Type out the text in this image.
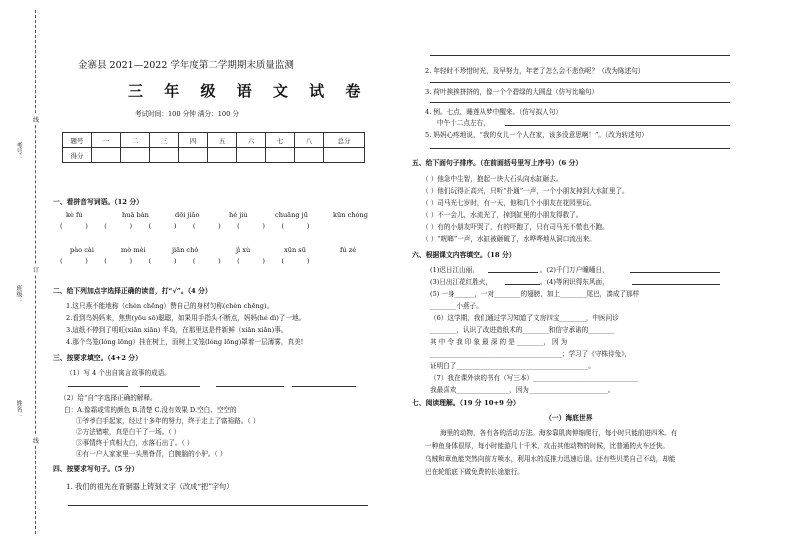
考号：
班级：
姓名：
线
订
线
金寨县 2021—2022 学年度第二学期期末质量监测
三 年 级 语 文 试 卷
考试时间：100 分钟 满分：100 分
题号	一	二	三	四	五	六	七	八	总分
得分									
一、看拼音写词语。（12 分）
kè fú	huā bàn	dōi jiǎo	hé jiù	chuāng jū	kūn chóng
(       )     (       )     (       )     (       )     (       )     (       )
pào cài	mò mèi	jiān chǒ	jì xù	xūn sū	fú zé
(       )     (       )     (       )     (       )     (       )     (       )
二、给下列加点字选择正确的读音，打“√”。（4 分）
1.这只燕不能地称（chèn chēng）赞自己的身材匀称(chèn chēng)。
2.看到鸟妈妈来，焦焦(yōu sō)聪聪，如果用手指头不断点，妈妈(hé dì)了一地。
3.這纸不停到了明旺(xiān xiān) 半岛，在那里这是件新鲜（xiān xiān)事。
4.那个鸟笼(lóng lōng）挂在树上，而树上又笼(lóng lōng)罩着一层薄雾，真美!
三、按要求填空。（4+2 分）
（1）写 4 个出自寓言故事的成语。
（2）给“自”字选择正确的解释。
白：A.像霜或雪的颜色 B.清楚 C.没有效果 D.空白、空空的
①爷爷白手起家，经过十多年的努力，终于走上了富裕路。（ ）
②方法错啦，真是白干了一场。（ ）
③事情终于真相大白，水落石出了。（ ）
④有一户人家家里一头黑脊背，白腕脑的小驴。（ ）
四、按要求写句子。（5 分）
1. 我们的祖先在青铜器上铸刻文字（改成“把”字句）
2. 年轻时不珍惜时光，及早努力，年老了怎么会不悲伤呢？（改为陈述句）
3. 荷叶挨挨挤挤的，像一个个碧绿的大圆盘（仿写比喻句）
4. 例。七点，睡莲从梦中醒来。（仿写拟人句）
中午十二点左右，
5. 妈妈心疼地说，“我的女儿一个人在家，该多没意思啊！”。（改为转述句）
五、给下面句子排序。（在前面括号里写上序号）（6 分）
（ ）他急中生智，抱起一块大石头向水缸砸去。
（ ）他们玩得正高兴，只听“扑通”一声，一个小朋友掉到大水缸里了。
（ ）司马光七岁时，有一天，他和几个小朋友在花园里玩。
（ ）不一会儿，水流光了，掉到缸里的小朋友得救了。
（ ）有的小朋友吓哭了，有的吓跑了，只有司马光不慌也不跑。
（ ）“咣啷”一声，水缸被砸破了，水哗哗地从洞口流出来。
六、根据课文内容填空。（18 分）
(1)迟日江山丽，	。(2)千门万户曈曈日，
(3)日出江花红胜火，	。(4)等闲识得东风面，
(5) 一身______，一对________的翅膀，加上________尾巴，凑成了那样
________小燕子。
（6）这学期，我们通过学习知道了文房四宝________，中医问诊
________，认识了改进造纸术的________和信守承诺的________
其 中 令 我 印 象 最 深 的 是 ________， 因 为
________________________________________；学习了《守株待兔》，
证明白了________________________________________。
（7）我在课外读的书有（写三本）________________________________
我最喜欢________________，因为________________________。
七、阅读理解。（19 分 10+9 分）
（一）海底世界
海里的动物，各有各的活动方法。海参靠肌肉伸缩爬行，每小时只能前进四米。有
一种鱼身体很厚，每小时能游几十千米，攻击其他动物的时候，比普通的火车还快。
乌贼和章鱼能突然向前方喷水，利用水的反推力迅速后退。还有些贝类自己不动，却能
巴在轮船底下做免费的长途旅行。
